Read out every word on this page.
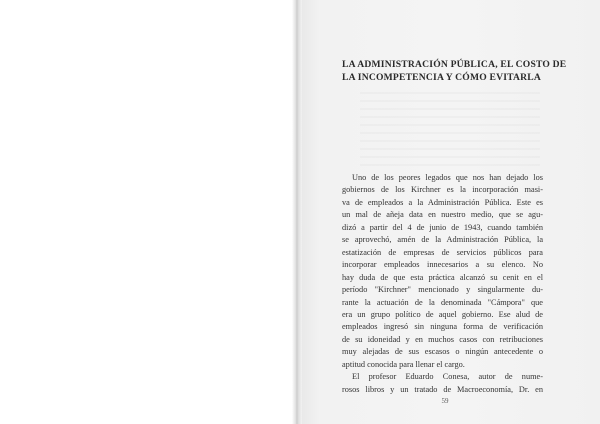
LA ADMINISTRACIÓN PÚBLICA, EL COSTO DE
LA INCOMPETENCIA Y CÓMO EVITARLA
Uno de los peores legados que nos han dejado los
gobiernos de los Kirchner es la incorporación masi-
va de empleados a la Administración Pública. Este es
un mal de añeja data en nuestro medio, que se agu-
dizó a partir del 4 de junio de 1943, cuando también
se aprovechó, amén de la Administración Pública, la
estatización de empresas de servicios públicos para
incorporar empleados innecesarios a su elenco. No
hay duda de que esta práctica alcanzó su cenit en el
período "Kirchner" mencionado y singularmente du-
rante la actuación de la denominada "Cámpora" que
era un grupo político de aquel gobierno. Ese alud de
empleados ingresó sin ninguna forma de verificación
de su idoneidad y en muchos casos con retribuciones
muy alejadas de sus escasos o ningún antecedente o
aptitud conocida para llenar el cargo.
El profesor Eduardo Conesa, autor de nume-
rosos libros y un tratado de Macroeconomía, Dr. en
59
